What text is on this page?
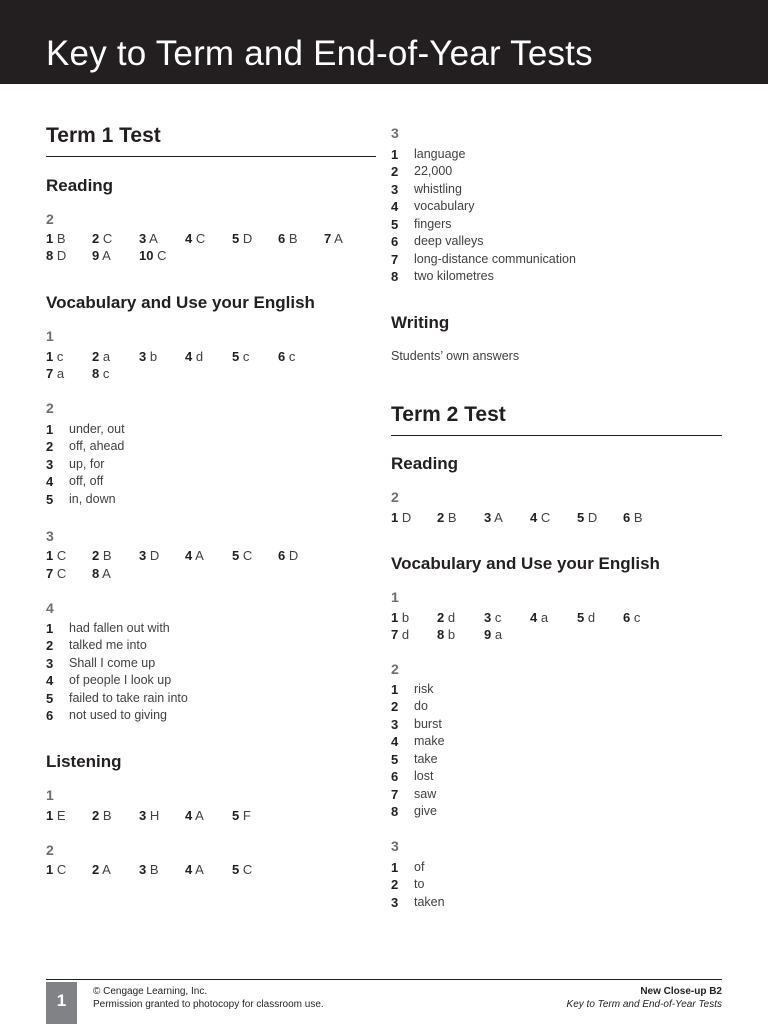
Key to Term and End-of-Year Tests
Term 1 Test
Reading
2
1 B 2 C 3 A 4 C 5 D 6 B 7 A
8 D 9 A 10 C
Vocabulary and Use your English
1
1 c 2 a 3 b 4 d 5 c 6 c
7 a 8 c
2
1 under, out
2 off, ahead
3 up, for
4 off, off
5 in, down
3
1 C 2 B 3 D 4 A 5 C 6 D
7 C 8 A
4
1 had fallen out with
2 talked me into
3 Shall I come up
4 of people I look up
5 failed to take rain into
6 not used to giving
Listening
1
1 E 2 B 3 H 4 A 5 F
2
1 C 2 A 3 B 4 A 5 C
3
1 language
2 22,000
3 whistling
4 vocabulary
5 fingers
6 deep valleys
7 long-distance communication
8 two kilometres
Writing
Students’ own answers
Term 2 Test
Reading
2
1 D 2 B 3 A 4 C 5 D 6 B
Vocabulary and Use your English
1
1 b 2 d 3 c 4 a 5 d 6 c
7 d 8 b 9 a
2
1 risk
2 do
3 burst
4 make
5 take
6 lost
7 saw
8 give
3
1 of
2 to
3 taken
1	© Cengage Learning, Inc.
Permission granted to photocopy for classroom use.
New Close-up B2
Key to Term and End-of-Year Tests
